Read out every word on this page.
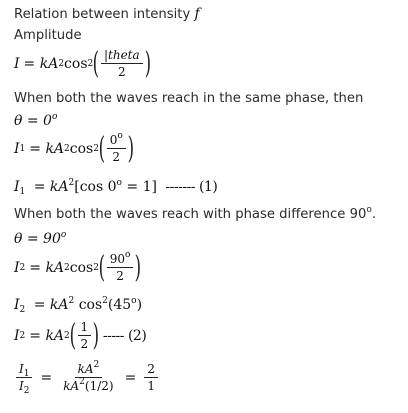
Relation between intensity f
Amplitude
I = kA 2 cos 2 ( $\frac{\text{|theta}}{2}$ )
When both the waves reach in the same phase, then
$\theta = 0^o$
I 1 = kA 2 cos 2 ( $\frac{0^o}{2}$ )
$I_1 = kA^2[\cos$ $0^o = 1$] ------- (1)
When both the waves reach with phase difference 90$^o$.
$\theta = 90^o$
I 2 = kA 2 cos 2 ( $\frac{90^o}{2}$ )
$I_2 = kA^2$ $\cos^2(45^o)$
I 2 = kA 2 ( $\frac{1}{2}$ ) ----- (2)
$\frac{I_1}{I_2} = \frac{kA^2}{kA^2(1/2)} = \frac{2}{1}$
